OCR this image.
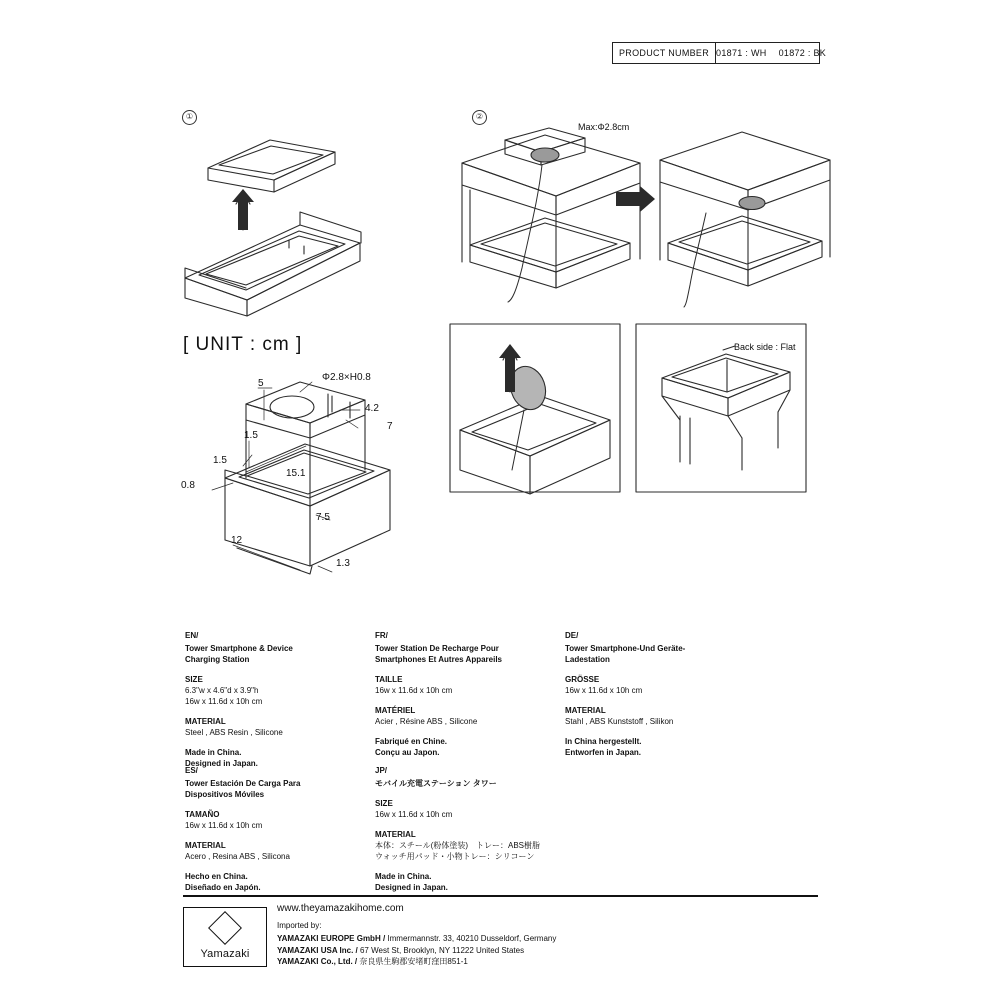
PRODUCT NUMBER 01871 : WH 01872 : BK
①	②
[ UNIT : cm ]
Max:Φ2.8cm
Back side : Flat
5
Φ2.8×H0.8
4.2
7
1.5
1.5
0.8
15.1
7.5
12
1.3
EN/
Tower Smartphone & Device
Charging Station
SIZE
6.3"w x 4.6"d x 3.9"h
16w x 11.6d x 10h cm
MATERIAL
Steel , ABS Resin , Silicone
Made in China.
Designed in Japan.
FR/
Tower Station De Recharge Pour
Smartphones Et Autres Appareils
TAILLE
16w x 11.6d x 10h cm
MATÉRIEL
Acier , Résine ABS , Silicone
Fabriqué en Chine.
Conçu au Japon.
DE/
Tower Smartphone-Und Geräte-
Ladestation
GRÖSSE
16w x 11.6d x 10h cm
MATERIAL
Stahl , ABS Kunststoff , Silikon
In China hergestellt.
Entworfen in Japan.
ES/
Tower Estación De Carga Para
Dispositivos Móviles
TAMAÑO
16w x 11.6d x 10h cm
MATERIAL
Acero , Resina ABS , Silicona
Hecho en China.
Diseñado en Japón.
JP/
モバイル充電ステーション タワー
SIZE
16w x 11.6d x 10h cm
MATERIAL
本体：スチール(粉体塗装)　トレー：ABS樹脂
ウォッチ用パッド・小物トレー：シリコーン
Made in China.
Designed in Japan.
Yamazaki
www.theyamazakihome.com
Imported by:
YAMAZAKI EUROPE GmbH / Immermannstr. 33, 40210 Dusseldorf, Germany
YAMAZAKI USA Inc. / 67 West St, Brooklyn, NY 11222 United States
YAMAZAKI Co., Ltd. / 奈良県生駒郡安堵町窪田851-1
